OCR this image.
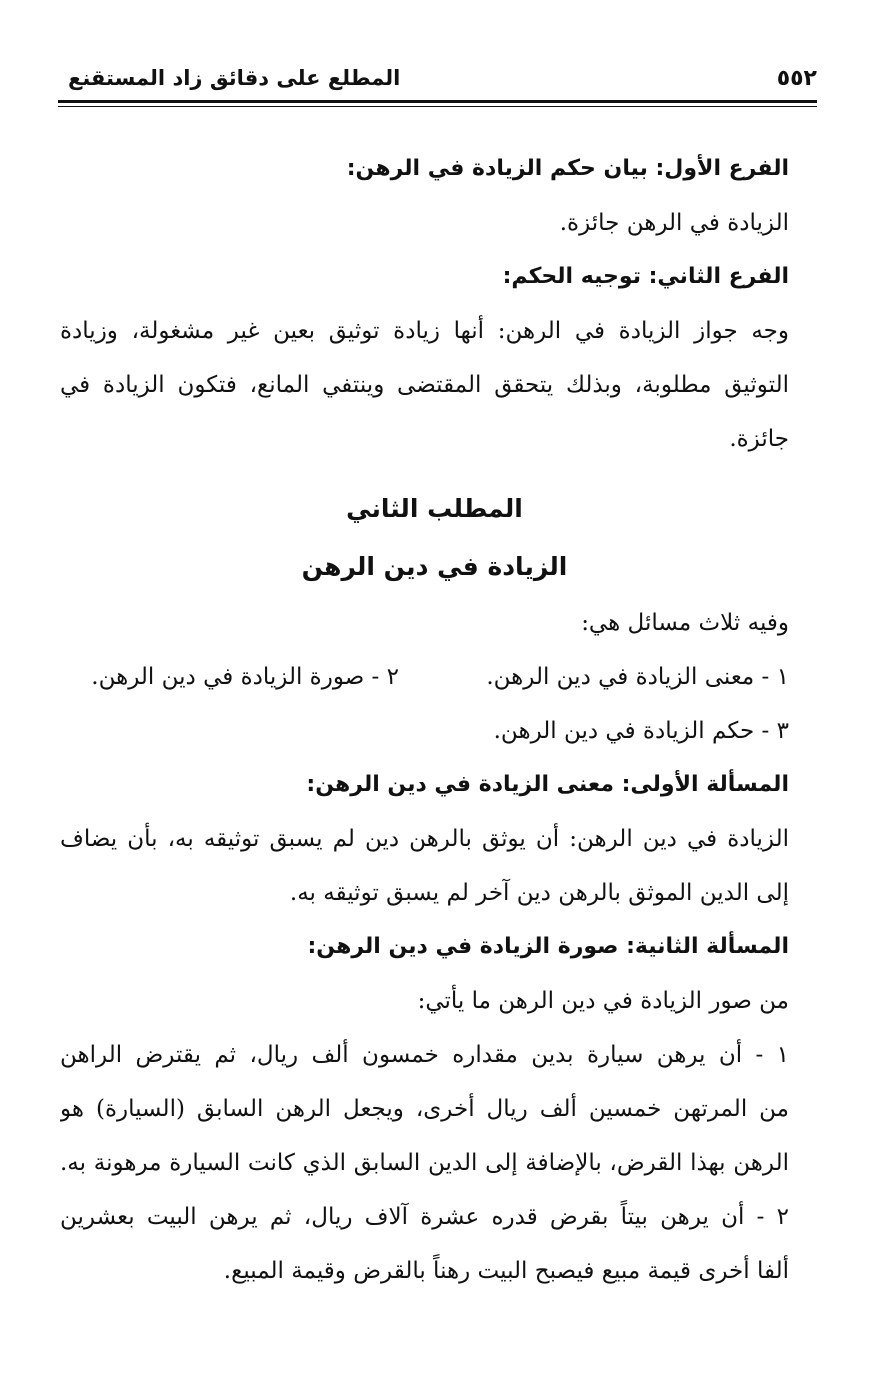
٥٥٢
المطلع على دقائق زاد المستقنع
الفرع الأول: بيان حكم الزيادة في الرهن:
الزيادة في الرهن جائزة.
الفرع الثاني: توجيه الحكم:
وجه جواز الزيادة في الرهن: أنها زيادة توثيق بعين غير مشغولة، وزيادة
التوثيق مطلوبة، وبذلك يتحقق المقتضى وينتفي المانع، فتكون الزيادة في
جائزة.
المطلب الثاني
الزيادة في دين الرهن
وفيه ثلاث مسائل هي:
١ - معنى الزيادة في دين الرهن.
٢ - صورة الزيادة في دين الرهن.
٣ - حكم الزيادة في دين الرهن.
المسألة الأولى: معنى الزيادة في دين الرهن:
الزيادة في دين الرهن: أن يوثق بالرهن دين لم يسبق توثيقه به، بأن يضاف
إلى الدين الموثق بالرهن دين آخر لم يسبق توثيقه به.
المسألة الثانية: صورة الزيادة في دين الرهن:
من صور الزيادة في دين الرهن ما يأتي:
١ - أن يرهن سيارة بدين مقداره خمسون ألف ريال، ثم يقترض الراهن
من المرتهن خمسين ألف ريال أخرى، ويجعل الرهن السابق (السيارة) هو
الرهن بهذا القرض، بالإضافة إلى الدين السابق الذي كانت السيارة مرهونة به.
٢ - أن يرهن بيتاً بقرض قدره عشرة آلاف ريال، ثم يرهن البيت بعشرين
ألفا أخرى قيمة مبيع فيصبح البيت رهناً بالقرض وقيمة المبيع.
